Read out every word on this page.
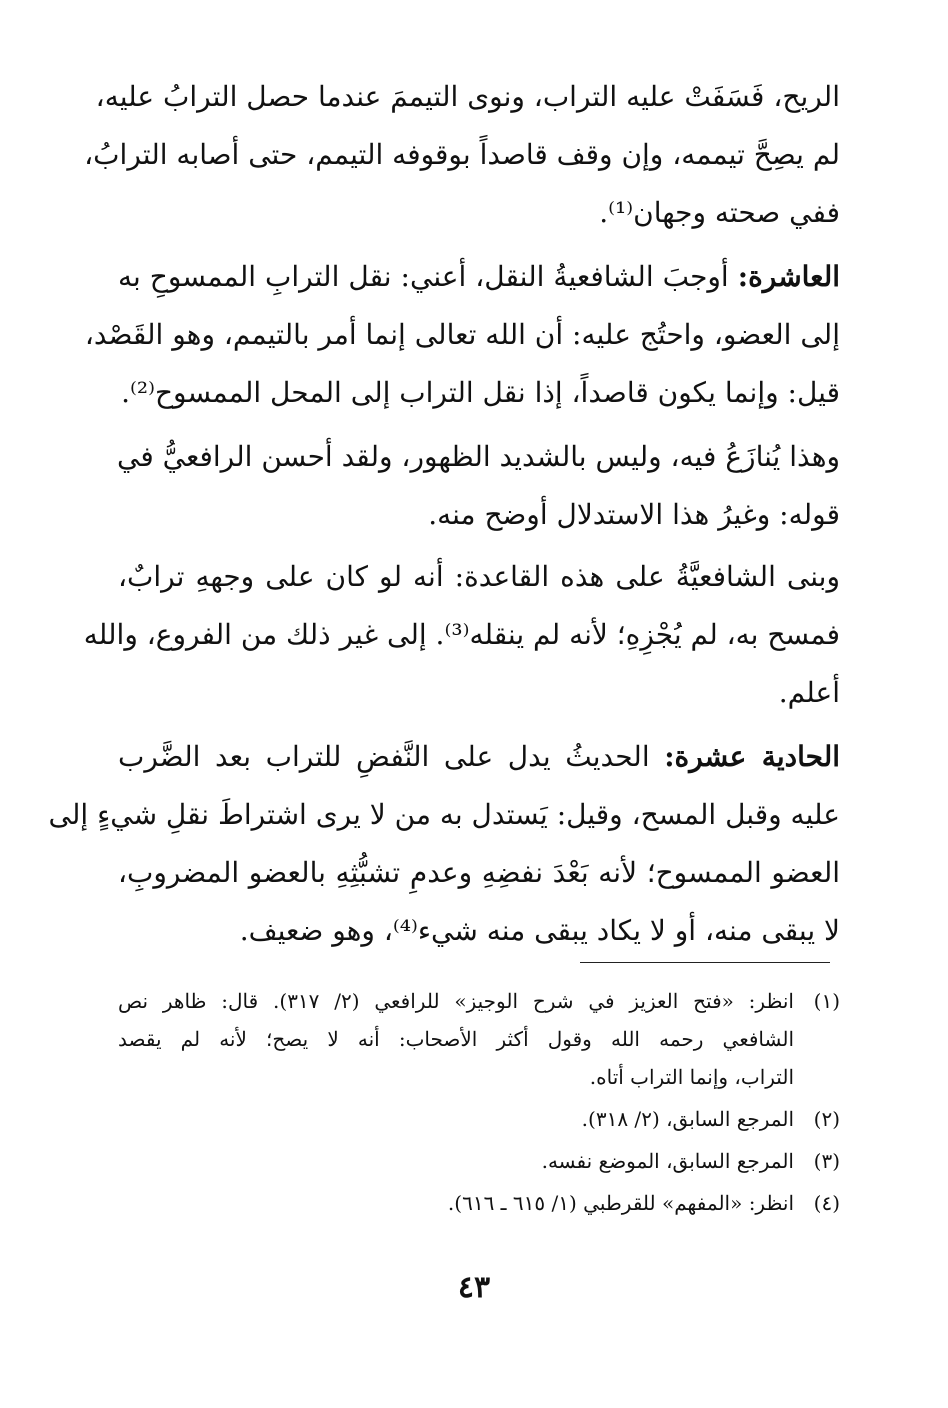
الريح، فَسَفَتْ عليه التراب، ونوى التيممَ عندما حصل الترابُ عليه،
لم يصِحَّ تيممه، وإن وقف قاصداً بوقوفه التيمم، حتى أصابه الترابُ،
ففي صحته وجهان⁽¹⁾.
العاشرة: أوجبَ الشافعيةُ النقل، أعني: نقل الترابِ الممسوحِ به
إلى العضو، واحتُج عليه: أن الله تعالى إنما أمر بالتيمم، وهو القَصْد،
قيل: وإنما يكون قاصداً، إذا نقل التراب إلى المحل الممسوح⁽²⁾.
وهذا يُنازَعُ فيه، وليس بالشديد الظهور، ولقد أحسن الرافعيُّ في
قوله: وغيرُ هذا الاستدلال أوضح منه.
وبنى الشافعيَّةُ على هذه القاعدة: أنه لو كان على وجههِ ترابٌ،
فمسح به، لم يُجْزِهِ؛ لأنه لم ينقله⁽³⁾. إلى غير ذلك من الفروع، والله
أعلم.
الحادية عشرة: الحديثُ يدل على النَّفضِ للتراب بعد الضَّرب
عليه وقبل المسح، وقيل: يَستدل به من لا يرى اشتراطَ نقلِ شيءٍ إلى
العضو الممسوح؛ لأنه بَعْدَ نفضِهِ وعدمِ تشبُّثِهِ بالعضو المضروبِ،
لا يبقى منه، أو لا يكاد يبقى منه شيء⁽⁴⁾، وهو ضعيف.
(١)
انظر: «فتح العزيز في شرح الوجيز» للرافعي (٢/ ٣١٧). قال: ظاهر نص
الشافعي رحمه الله وقول أكثر الأصحاب: أنه لا يصح؛ لأنه لم يقصد
التراب، وإنما التراب أتاه.
(٢)
المرجع السابق، (٢/ ٣١٨).
(٣)
المرجع السابق، الموضع نفسه.
(٤)
انظر: «المفهم» للقرطبي (١/ ٦١٥ ـ ٦١٦).
٤٣
